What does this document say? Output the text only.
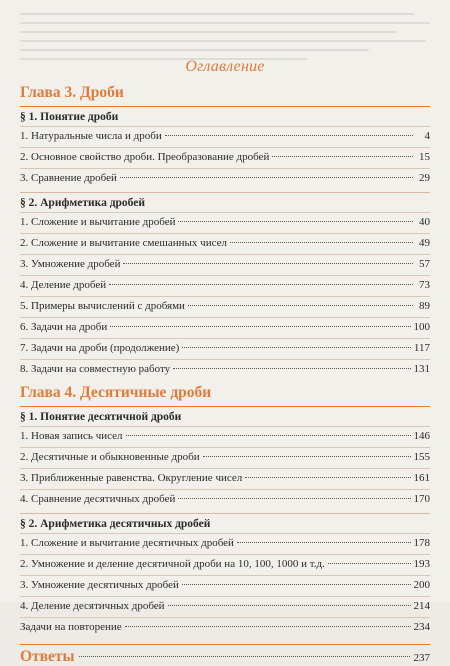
Оглавление
Глава 3. Дроби
§ 1. Понятие дроби
1. Натуральные числа и дроби	4
2. Основное свойство дроби. Преобразование дробей	15
3. Сравнение дробей	29
§ 2. Арифметика дробей
1. Сложение и вычитание дробей	40
2. Сложение и вычитание смешанных чисел	49
3. Умножение дробей	57
4. Деление дробей	73
5. Примеры вычислений с дробями	89
6. Задачи на дроби	100
7. Задачи на дроби (продолжение)	117
8. Задачи на совместную работу	131
Глава 4. Десятичные дроби
§ 1. Понятие десятичной дроби
1. Новая запись чисел	146
2. Десятичные и обыкновенные дроби	155
3. Приближенные равенства. Округление чисел	161
4. Сравнение десятичных дробей	170
§ 2. Арифметика десятичных дробей
1. Сложение и вычитание десятичных дробей	178
2. Умножение и деление десятичной дроби на 10, 100, 1000 и т.д.	193
3. Умножение десятичных дробей	200
4. Деление десятичных дробей	214
Задачи на повторение	234
Ответы	237
